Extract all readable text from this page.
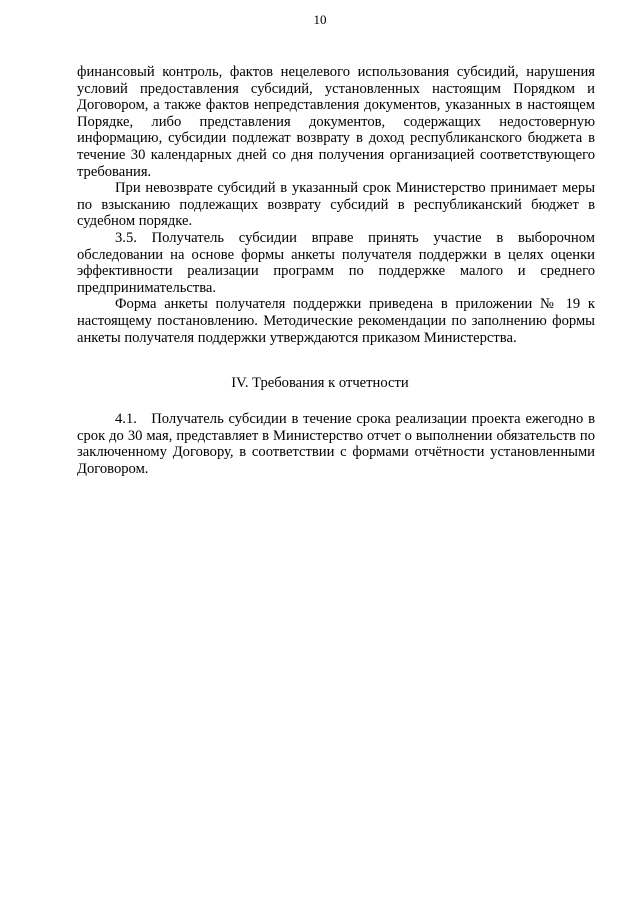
10

финансовый контроль, фактов нецелевого использования субсидий, нарушения условий предоставления субсидий, установленных настоящим Порядком и Договором, а также фактов непредставления документов, указанных в настоящем Порядке, либо представления документов, содержащих недостоверную информацию, субсидии подлежат возврату в доход республиканского бюджета в течение 30 календарных дней со дня получения организацией соответствующего требования.

При невозврате субсидий в указанный срок Министерство принимает меры по взысканию подлежащих возврату субсидий в республиканский бюджет в судебном порядке.

3.5. Получатель субсидии вправе принять участие в выборочном обследовании на основе формы анкеты получателя поддержки в целях оценки эффективности реализации программ по поддержке малого и среднего предпринимательства.

Форма анкеты получателя поддержки приведена в приложении № 19 к настоящему постановлению. Методические рекомендации по заполнению формы анкеты получателя поддержки утверждаются приказом Министерства.

IV. Требования к отчетности

4.1.   Получатель субсидии в течение срока реализации проекта ежегодно в срок до 30 мая, представляет в Министерство отчет о выполнении обязательств по заключенному Договору, в соответствии с формами отчётности установленными Договором.
